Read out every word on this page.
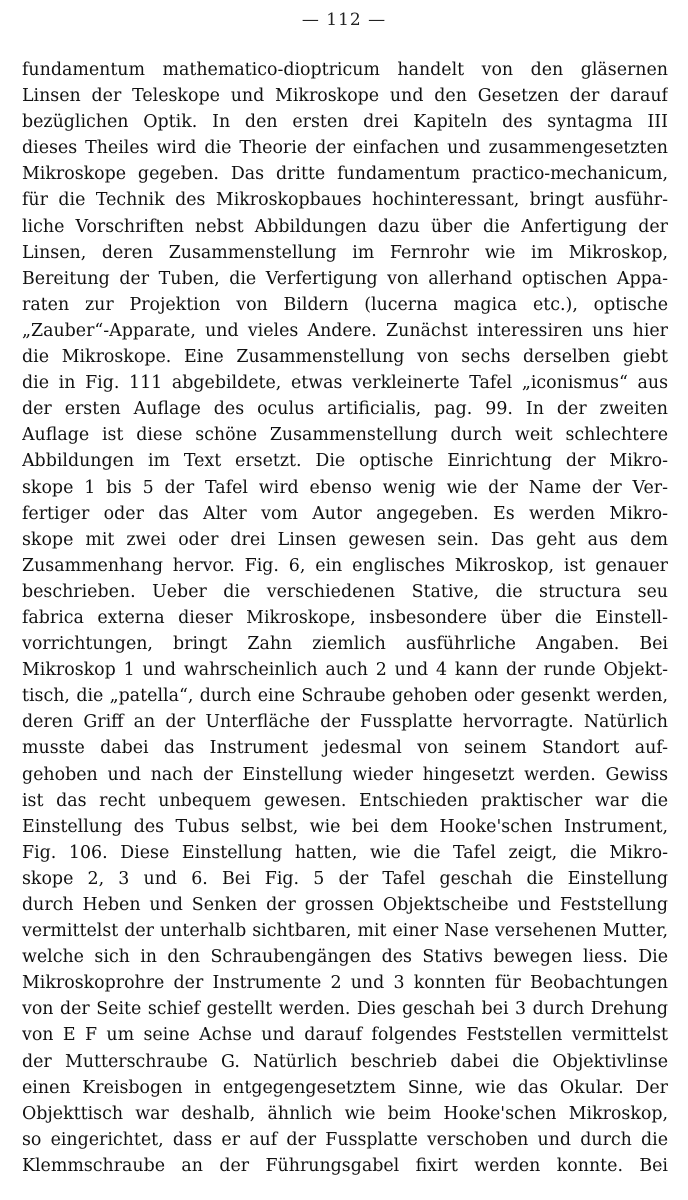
— 112 —
fundamentum mathematico-dioptricum handelt von den gläsernen
Linsen der Teleskope und Mikroskope und den Gesetzen der darauf
bezüglichen Optik. In den ersten drei Kapiteln des syntagma III
dieses Theiles wird die Theorie der einfachen und zusammengesetzten
Mikroskope gegeben. Das dritte fundamentum practico-mechanicum,
für die Technik des Mikroskopbaues hochinteressant, bringt ausführ-
liche Vorschriften nebst Abbildungen dazu über die Anfertigung der
Linsen, deren Zusammenstellung im Fernrohr wie im Mikroskop,
Bereitung der Tuben, die Verfertigung von allerhand optischen Appa-
raten zur Projektion von Bildern (lucerna magica etc.), optische
„Zauber“-Apparate, und vieles Andere. Zunächst interessiren uns hier
die Mikroskope. Eine Zusammenstellung von sechs derselben giebt
die in Fig. 111 abgebildete, etwas verkleinerte Tafel „iconismus“ aus
der ersten Auflage des oculus artificialis, pag. 99. In der zweiten
Auflage ist diese schöne Zusammenstellung durch weit schlechtere
Abbildungen im Text ersetzt. Die optische Einrichtung der Mikro-
skope 1 bis 5 der Tafel wird ebenso wenig wie der Name der Ver-
fertiger oder das Alter vom Autor angegeben. Es werden Mikro-
skope mit zwei oder drei Linsen gewesen sein. Das geht aus dem
Zusammenhang hervor. Fig. 6, ein englisches Mikroskop, ist genauer
beschrieben. Ueber die verschiedenen Stative, die structura seu
fabrica externa dieser Mikroskope, insbesondere über die Einstell-
vorrichtungen, bringt Zahn ziemlich ausführliche Angaben. Bei
Mikroskop 1 und wahrscheinlich auch 2 und 4 kann der runde Objekt-
tisch, die „patella“, durch eine Schraube gehoben oder gesenkt werden,
deren Griff an der Unterfläche der Fussplatte hervorragte. Natürlich
musste dabei das Instrument jedesmal von seinem Standort auf-
gehoben und nach der Einstellung wieder hingesetzt werden. Gewiss
ist das recht unbequem gewesen. Entschieden praktischer war die
Einstellung des Tubus selbst, wie bei dem Hooke'schen Instrument,
Fig. 106. Diese Einstellung hatten, wie die Tafel zeigt, die Mikro-
skope 2, 3 und 6. Bei Fig. 5 der Tafel geschah die Einstellung
durch Heben und Senken der grossen Objektscheibe und Feststellung
vermittelst der unterhalb sichtbaren, mit einer Nase versehenen Mutter,
welche sich in den Schraubengängen des Stativs bewegen liess. Die
Mikroskoprohre der Instrumente 2 und 3 konnten für Beobachtungen
von der Seite schief gestellt werden. Dies geschah bei 3 durch Drehung
von E F um seine Achse und darauf folgendes Feststellen vermittelst
der Mutterschraube G. Natürlich beschrieb dabei die Objektivlinse
einen Kreisbogen in entgegengesetztem Sinne, wie das Okular. Der
Objekttisch war deshalb, ähnlich wie beim Hooke'schen Mikroskop,
so eingerichtet, dass er auf der Fussplatte verschoben und durch die
Klemmschraube an der Führungsgabel fixirt werden konnte. Bei
